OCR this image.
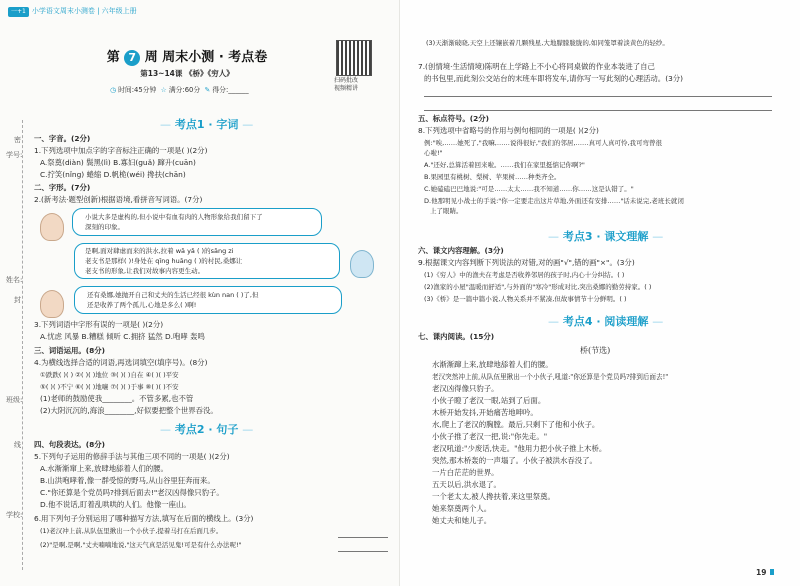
一+1 小学语文周末小测卷 | 六年级上册
第 7 周 周末小测 · 考点卷
第13~14课 《桥》《穷人》
◷ 时间:45分钟 ☆ 满分:60分 ✎ 得分:______
扫码批改
视频精讲
学号:
密
姓名:
封
班级:
线
学校:
— 考点1 · 字词 —
一、字音。(2分)
1.下列选项中加点字的字音标注正确的一项是( )(2分)
A.祭奠(diàn) 鬓黑(lì) B.寡妇(guǎ) 蹿升(cuān)
C.拧笑(nǐng) 蜷缩 D.帆桅(wéi) 搀扶(chān)
二、字形。(7分)
2.(新考法·题型创新)根据语境,看拼音写词语。(7分)
小说大多是虚构的,但小说中有血有肉的人物形象给我们留下了
深刻的印象。
是啊,面对肆虐而来的洪水,拉着 wā yǎ ( )的sāng zi
老支书是那样( )!身处在 qīng huāng ( )的村民,桑娜让
老支书的形象,让我们对故事内容更生动。
还有桑娜,她抛开自己和丈夫的生活已经很 kùn nan ( )了,但
还是收养了两个孤儿,心地是多么( )啊!
3.下列词语中字形有误的一项是( )(2分)
A.忧虑 风暴 B.糟糕 倾听 C.拥挤 猛然 D.咆哮 轰鸣
三、词语运用。(8分)
4.为横线选择合适的词语,再选词填空(填序号)。(8分)
①跌跌( )( ) ②( )( )地位 ③( )( )自在 ④( )( )平安
⑤( )( )不宁 ⑥( )( )地嚷 ⑦( )( )于事 ⑧( )( )不安
(1)老师的鼓励使我________。不管多累,也不管
(2)大阴沉沉的,海浪________,好似要把整个世界吞没。
— 考点2 · 句子 —
四、句段表达。(8分)
5.下列句子运用的修辞手法与其他三项不同的一项是( )(2分)
A.水渐渐窜上来,放肆地舔着人们的腰。
B.山洪咆哮着,像一群受惊的野马,从山谷里狂奔而来。
C."你还算是个党员吗?排到后面去!"老汉凶得像只豹子。
D.他不说话,盯着乱哄哄的人们。他像一座山。
6.用下列句子分别运用了哪种描写方法,填写在后面的横线上。(3分)
(1)老汉冲上前,从队伍里揪出一个小伙子,提着马打在后面几步。
(2)"是啊,是啊,"丈夫喃喃地说,"这天气真是活见鬼!可是有什么办法呢!"
(3)天渐渐破晓,天空上还镶嵌着几颗残星,大地朦朦胧胧的,如同笼罩着淡黄色的轻纱。
7.(创情境·生活情境)陈明在上学路上不小心将同桌做的作业本装进了自己
的书包里,而此刻公交站台的末班车即将发车,请你写一写此刻的心理活动。(3分)
五、标点符号。(2分)
8.下列选项中省略号的作用与例句相同的一项是( )(2分)
例:"唉,……她死了,"我嘛,……说得很好,"我们的邻居,……真可人真可怜,我可弯曾很
心啦!"
A."还好,总算活着回来啦。……我们在家里挺惦记你啊?"
B.果园里有桃树、梨树、苹果树……种类齐全。
C.她磕磕巴巴地说:"可是……太太……我不知道……你……这是认错了。"
D.他那明见小战士的手说:"你一定要走出这片草地,外面还有安排……"话未说完,老班长就闭
上了眼睛。
— 考点3 · 课文理解 —
六、课文内容理解。(3分)
9.根据课文内容判断下列说法的对错,对的画"√",错的画"×"。(3分)
(1)《穷人》中的渔夫在考虑是否收养邻居的孩子时,内心十分纠结。( )
(2)渔家的小屋"温暖而舒适",与外面的"寒冷"形成对比,突出桑娜的勤劳持家。( )
(3)《桥》是一篇中篇小说,人物关系并不紧凑,但故事情节十分鲜明。( )
— 考点4 · 阅读理解 —
七、课内阅读。(15分)
桥(节选)
水渐渐蹿上来,放肆地舔着人们的腰。
老汉突然冲上前,从队伍里揪出一个小伙子,吼道:"你还算是个党员吗?排到后面去!"
老汉凶得像只豹子。
小伙子瞪了老汉一眼,站到了后面。
木桥开始发抖,开始痛苦地呻吟。
水,爬上了老汉的胸膛。最后,只剩下了他和小伙子。
小伙子推了老汉一把,说:"你先走。"
老汉吼道:"少废话,快走。"他用力把小伙子推上木桥。
突然,那木桥轰的一声塌了。小伙子被洪水吞没了。
一片白茫茫的世界。
五天以后,洪水退了。
一个老太太,被人搀扶着,来这里祭奠。
她来祭奠两个人。
她丈夫和她儿子。
19
